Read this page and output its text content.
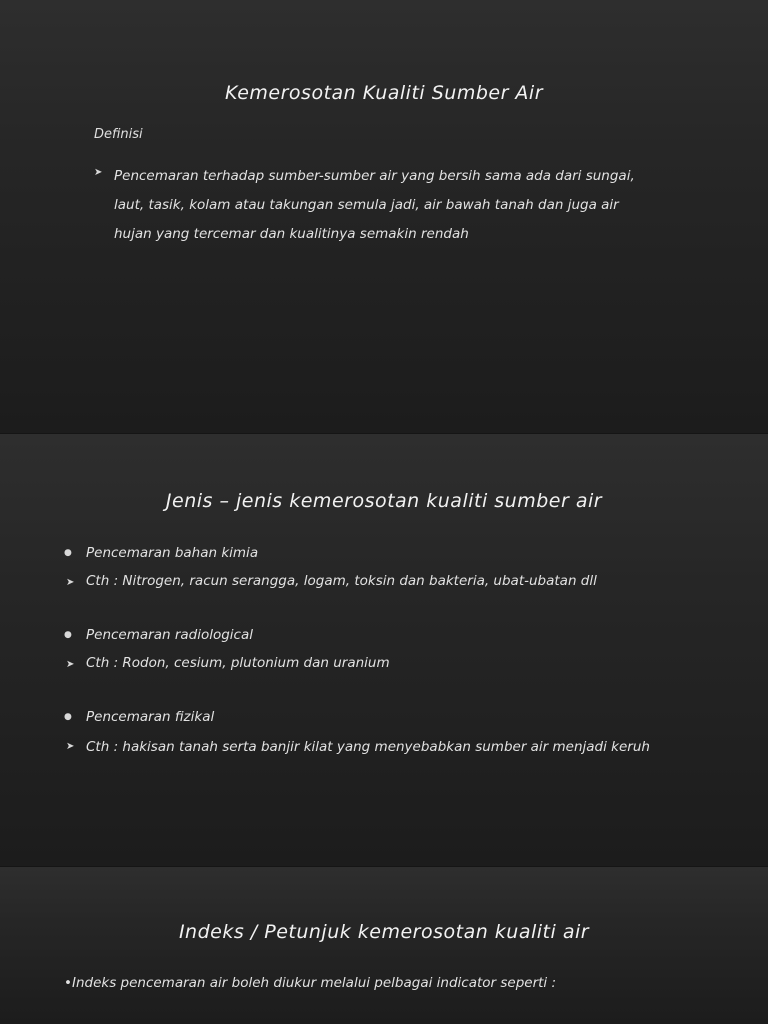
Kemerosotan Kualiti Sumber Air
Definisi
➤ Pencemaran terhadap sumber-sumber air yang bersih sama ada dari sungai, laut, tasik, kolam atau takungan semula jadi, air bawah tanah dan juga air hujan yang tercemar dan kualitinya semakin rendah

Jenis – jenis kemerosotan kualiti sumber air
● Pencemaran bahan kimia
➤ Cth : Nitrogen, racun serangga, logam, toksin dan bakteria, ubat-ubatan dll
● Pencemaran radiological
➤ Cth : Rodon, cesium, plutonium dan uranium
● Pencemaran fizikal
➤ Cth : hakisan tanah serta banjir kilat yang menyebabkan sumber air menjadi keruh
Indeks / Petunjuk kemerosotan kualiti air
•Indeks pencemaran air boleh diukur melalui pelbagai indicator seperti :
